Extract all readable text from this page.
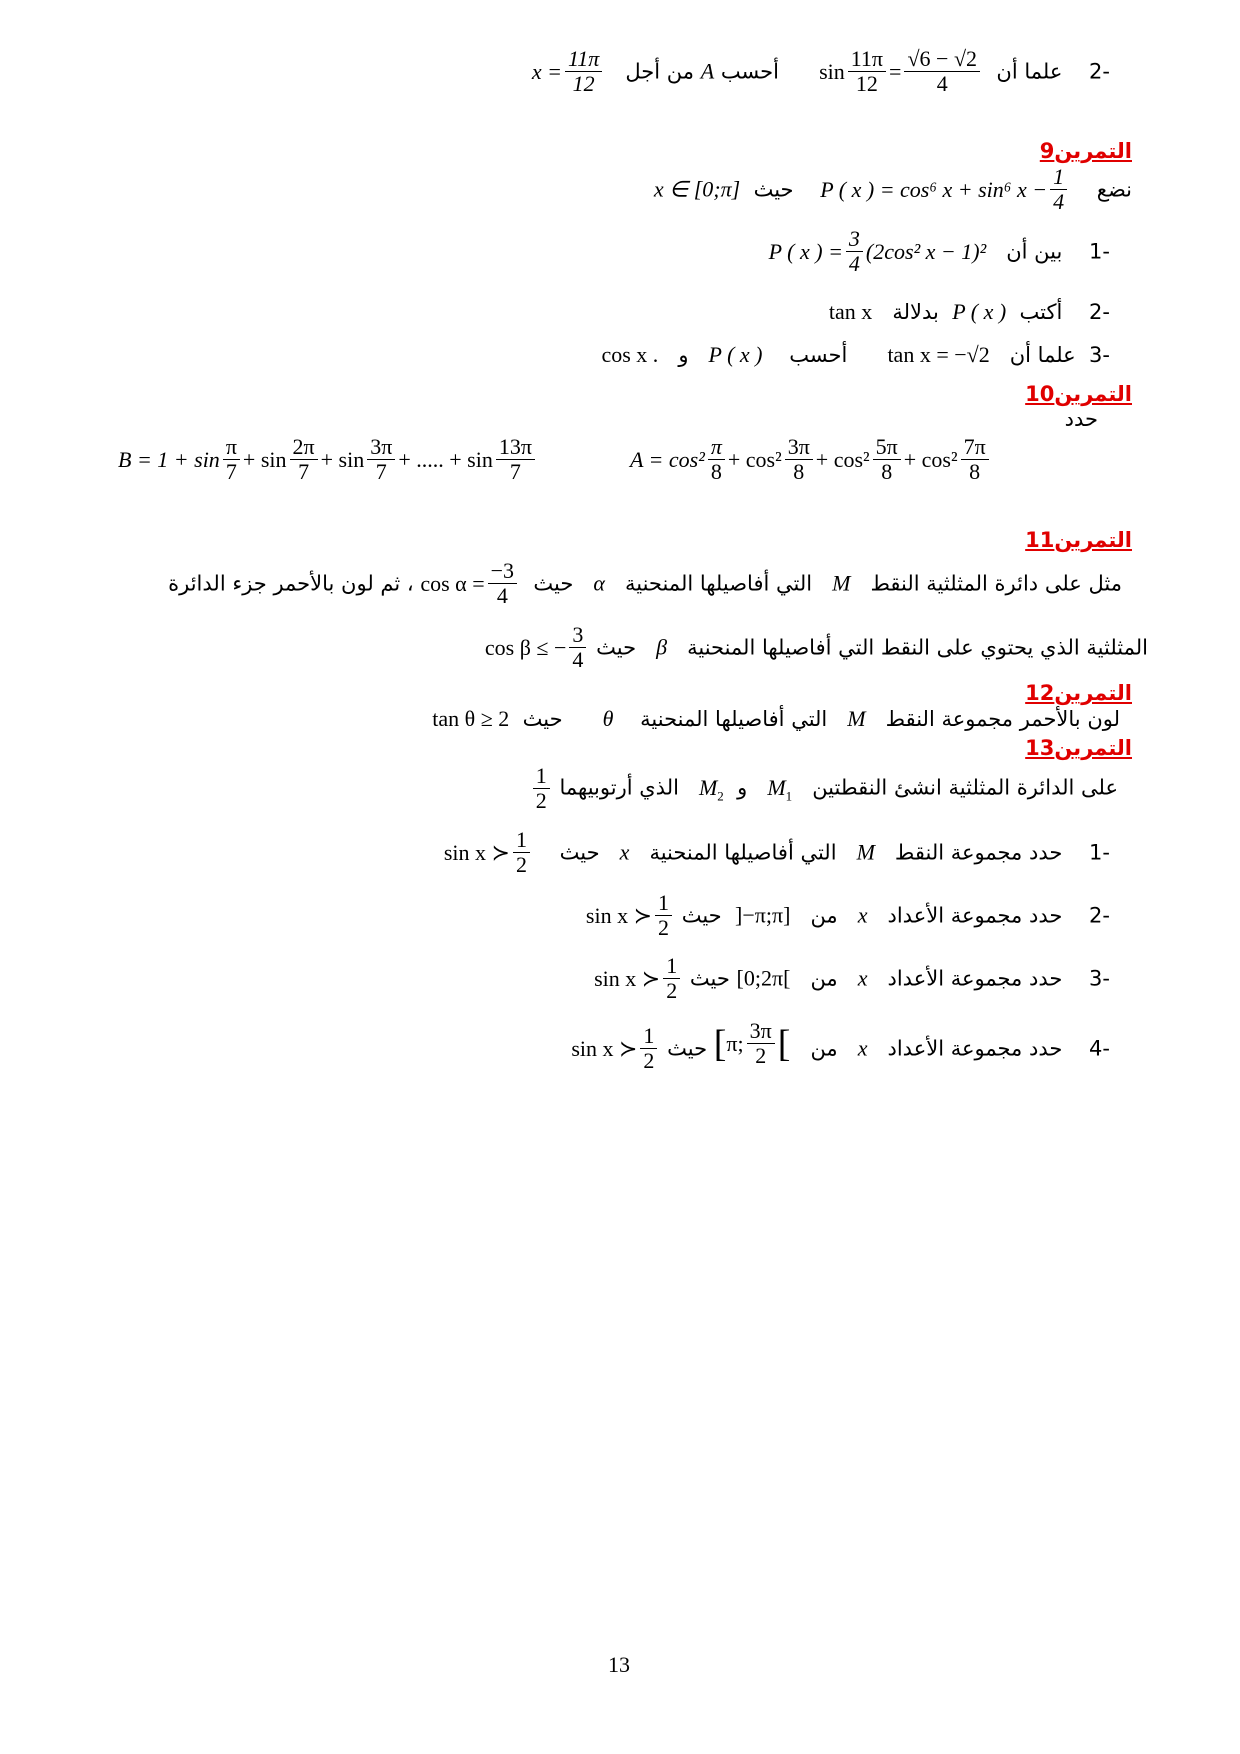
-2    علما أن
$\sin \frac{11\pi}{12} = \frac{√6 - √2}{4}$
أحسب A من أجل
$x = \frac{11\pi}{12}$
التمرين9
نضع
P ( x ) = cos⁶ x + sin⁶ $x - \frac{1}{4}$
حيث  x ∈ [0;π]
-1    بين أن
P ( x ) = $\frac{3}{4} (2\cos^2$ x − 1)²
-2    أكتب  P ( x )  بدلالة   tan x
-3  علما أن   tan x = −√2      أحسب    P ( x )   و   cos x .
التمرين10
حدد
A = cos² π
8 + cos² 3π
8 + cos² 5π
8 + cos² 7π
8
B = 1 + sin π
7 + sin 2π
7 + sin 3π
7 + ..... + sin 13π
7
التمرين11
مثل على دائرة المثلثية النقط   M   التي أفاصيلها المنحنية   α   حيث
$\cos \alpha = \frac{-3}{4}$
، ثم لون بالأحمر جزء الدائرة
المثلثية الذي يحتوي على النقط التي أفاصيلها المنحنية   β   حيث
cos β ≤ − $\frac{3}{4}$
التمرين12
لون بالأحمر مجموعة النقط   M   التي أفاصيلها المنحنية    θ      حيث  tan θ ≥ 2
التمرين13
على الدائرة المثلثية انشئ النقطتين   $M_1$   و  $M_2$   الذي أرتوبيهما
$\frac{1}{2}$
-1    حدد مجموعة النقط   M   التي أفاصيلها المنحنية   x   حيث
sin x ≻ 1
2
-2    حدد مجموعة الأعداد   x   من   ]−π;π]  حيث
sin x ≻ 1
2
-3    حدد مجموعة الأعداد   x   من   [0;2π[ حيث
sin x ≻ 1
2
-4    حدد مجموعة الأعداد   x   من
[ π; 3π
2 [
حيث
sin x ≻ 1
2
13
